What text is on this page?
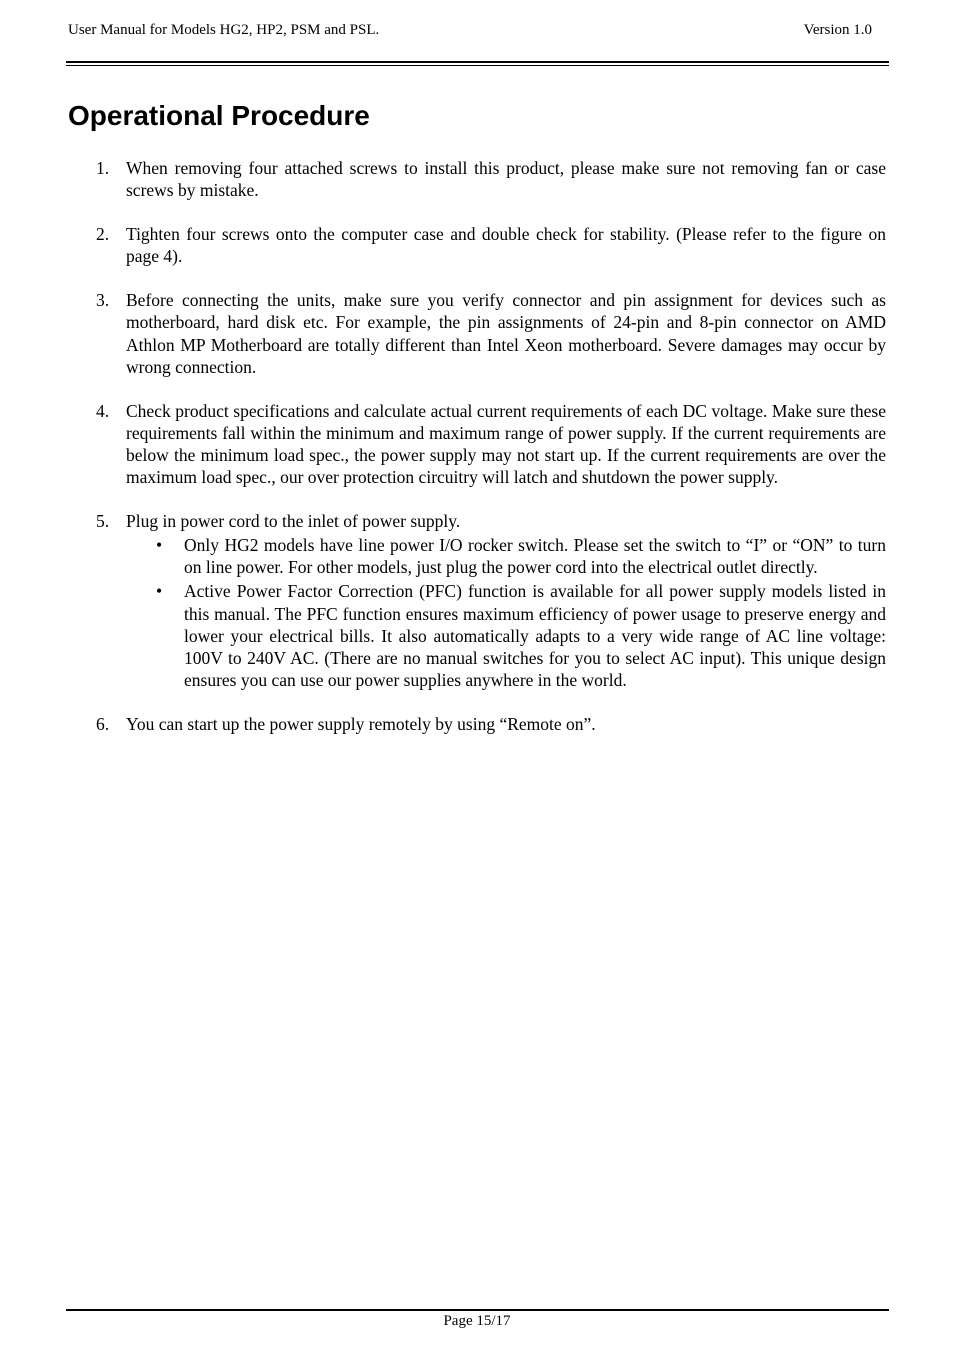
User Manual for Models HG2, HP2, PSM and PSL.	Version 1.0
Operational Procedure
1. When removing four attached screws to install this product, please make sure not removing fan or case screws by mistake.
2. Tighten four screws onto the computer case and double check for stability. (Please refer to the figure on page 4).
3. Before connecting the units, make sure you verify connector and pin assignment for devices such as motherboard, hard disk etc. For example, the pin assignments of 24-pin and 8-pin connector on AMD Athlon MP Motherboard are totally different than Intel Xeon motherboard. Severe damages may occur by wrong connection.
4. Check product specifications and calculate actual current requirements of each DC voltage. Make sure these requirements fall within the minimum and maximum range of power supply. If the current requirements are below the minimum load spec., the power supply may not start up. If the current requirements are over the maximum load spec., our over protection circuitry will latch and shutdown the power supply.
5. Plug in power cord to the inlet of power supply.
• Only HG2 models have line power I/O rocker switch. Please set the switch to “I” or “ON” to turn on line power. For other models, just plug the power cord into the electrical outlet directly.
• Active Power Factor Correction (PFC) function is available for all power supply models listed in this manual. The PFC function ensures maximum efficiency of power usage to preserve energy and lower your electrical bills. It also automatically adapts to a very wide range of AC line voltage: 100V to 240V AC. (There are no manual switches for you to select AC input). This unique design ensures you can use our power supplies anywhere in the world.
6. You can start up the power supply remotely by using “Remote on”.
Page 15/17
